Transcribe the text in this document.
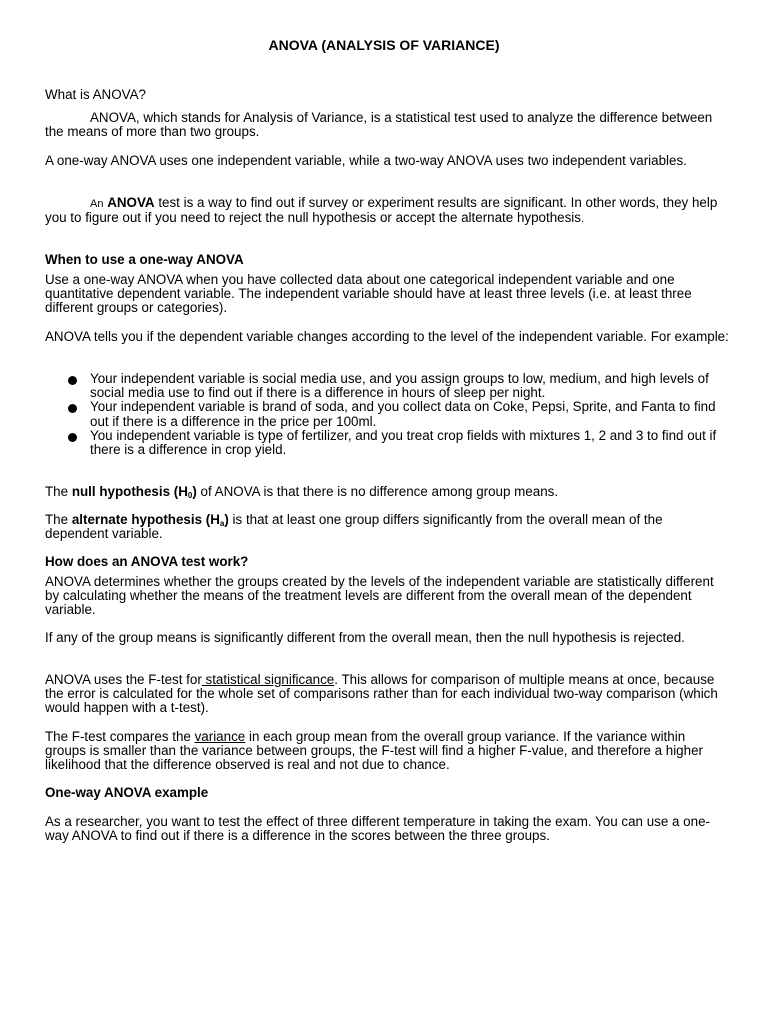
ANOVA (ANALYSIS OF VARIANCE)

What is ANOVA?

ANOVA, which stands for Analysis of Variance, is a statistical test used to analyze the difference between the means of more than two groups.

A one-way ANOVA uses one independent variable, while a two-way ANOVA uses two independent variables.

An ANOVA test is a way to find out if survey or experiment results are significant. In other words, they help you to figure out if you need to reject the null hypothesis or accept the alternate hypothesis.

When to use a one-way ANOVA

Use a one-way ANOVA when you have collected data about one categorical independent variable and one quantitative dependent variable. The independent variable should have at least three levels (i.e. at least three different groups or categories).

ANOVA tells you if the dependent variable changes according to the level of the independent variable. For example:

Your independent variable is social media use, and you assign groups to low, medium, and high levels of social media use to find out if there is a difference in hours of sleep per night.
Your independent variable is brand of soda, and you collect data on Coke, Pepsi, Sprite, and Fanta to find out if there is a difference in the price per 100ml.
You independent variable is type of fertilizer, and you treat crop fields with mixtures 1, 2 and 3 to find out if there is a difference in crop yield.

The null hypothesis $(H_0)$ of ANOVA is that there is no difference among group means.

The alternate hypothesis $(H_a)$ is that at least one group differs significantly from the overall mean of the dependent variable.

How does an ANOVA test work?

ANOVA determines whether the groups created by the levels of the independent variable are statistically different by calculating whether the means of the treatment levels are different from the overall mean of the dependent variable.

If any of the group means is significantly different from the overall mean, then the null hypothesis is rejected.

ANOVA uses the F-test for statistical significance. This allows for comparison of multiple means at once, because the error is calculated for the whole set of comparisons rather than for each individual two-way comparison (which would happen with a t-test).

The F-test compares the variance in each group mean from the overall group variance. If the variance within groups is smaller than the variance between groups, the F-test will find a higher F-value, and therefore a higher likelihood that the difference observed is real and not due to chance.

One-way ANOVA example

As a researcher, you want to test the effect of three different temperature in taking the exam. You can use a one-way ANOVA to find out if there is a difference in the scores between the three groups.
